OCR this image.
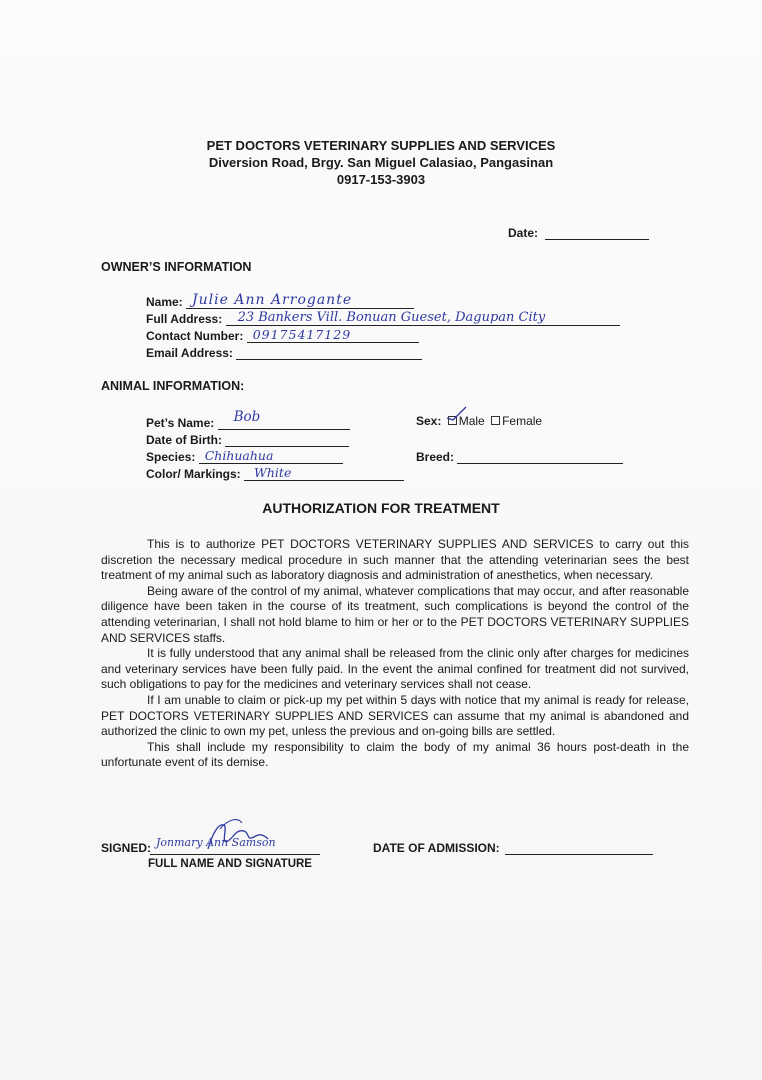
PET DOCTORS VETERINARY SUPPLIES AND SERVICES
Diversion Road, Brgy. San Miguel Calasiao, Pangasinan
0917-153-3903
Date:
OWNER’S INFORMATION
Name: Julie Ann Arrogante
Full Address: 23 Bankers Vill. Bonuan Gueset, Dagupan City
Contact Number: 09175417129
Email Address:
ANIMAL INFORMATION:
Pet’s Name: Bob
Date of Birth:
Species: Chihuahua
Color/ Markings: White
Sex: Male Female
Breed:
AUTHORIZATION FOR TREATMENT

This is to authorize PET DOCTORS VETERINARY SUPPLIES AND SERVICES to carry out this discretion the necessary medical procedure in such manner that the attending veterinarian sees the best treatment of my animal such as laboratory diagnosis and administration of anesthetics, when necessary.

Being aware of the control of my animal, whatever complications that may occur, and after reasonable diligence have been taken in the course of its treatment, such complications is beyond the control of the attending veterinarian, I shall not hold blame to him or her or to the PET DOCTORS VETERINARY SUPPLIES AND SERVICES staffs.

It is fully understood that any animal shall be released from the clinic only after charges for medicines and veterinary services have been fully paid. In the event the animal confined for treatment did not survived, such obligations to pay for the medicines and veterinary services shall not cease.

If I am unable to claim or pick-up my pet within 5 days with notice that my animal is ready for release, PET DOCTORS VETERINARY SUPPLIES AND SERVICES can assume that my animal is abandoned and authorized the clinic to own my pet, unless the previous and on-going bills are settled.

This shall include my responsibility to claim the body of my animal 36 hours post-death in the unfortunate event of its demise.

SIGNED: Jonmary Ann Samson
FULL NAME AND SIGNATURE
DATE OF ADMISSION:
